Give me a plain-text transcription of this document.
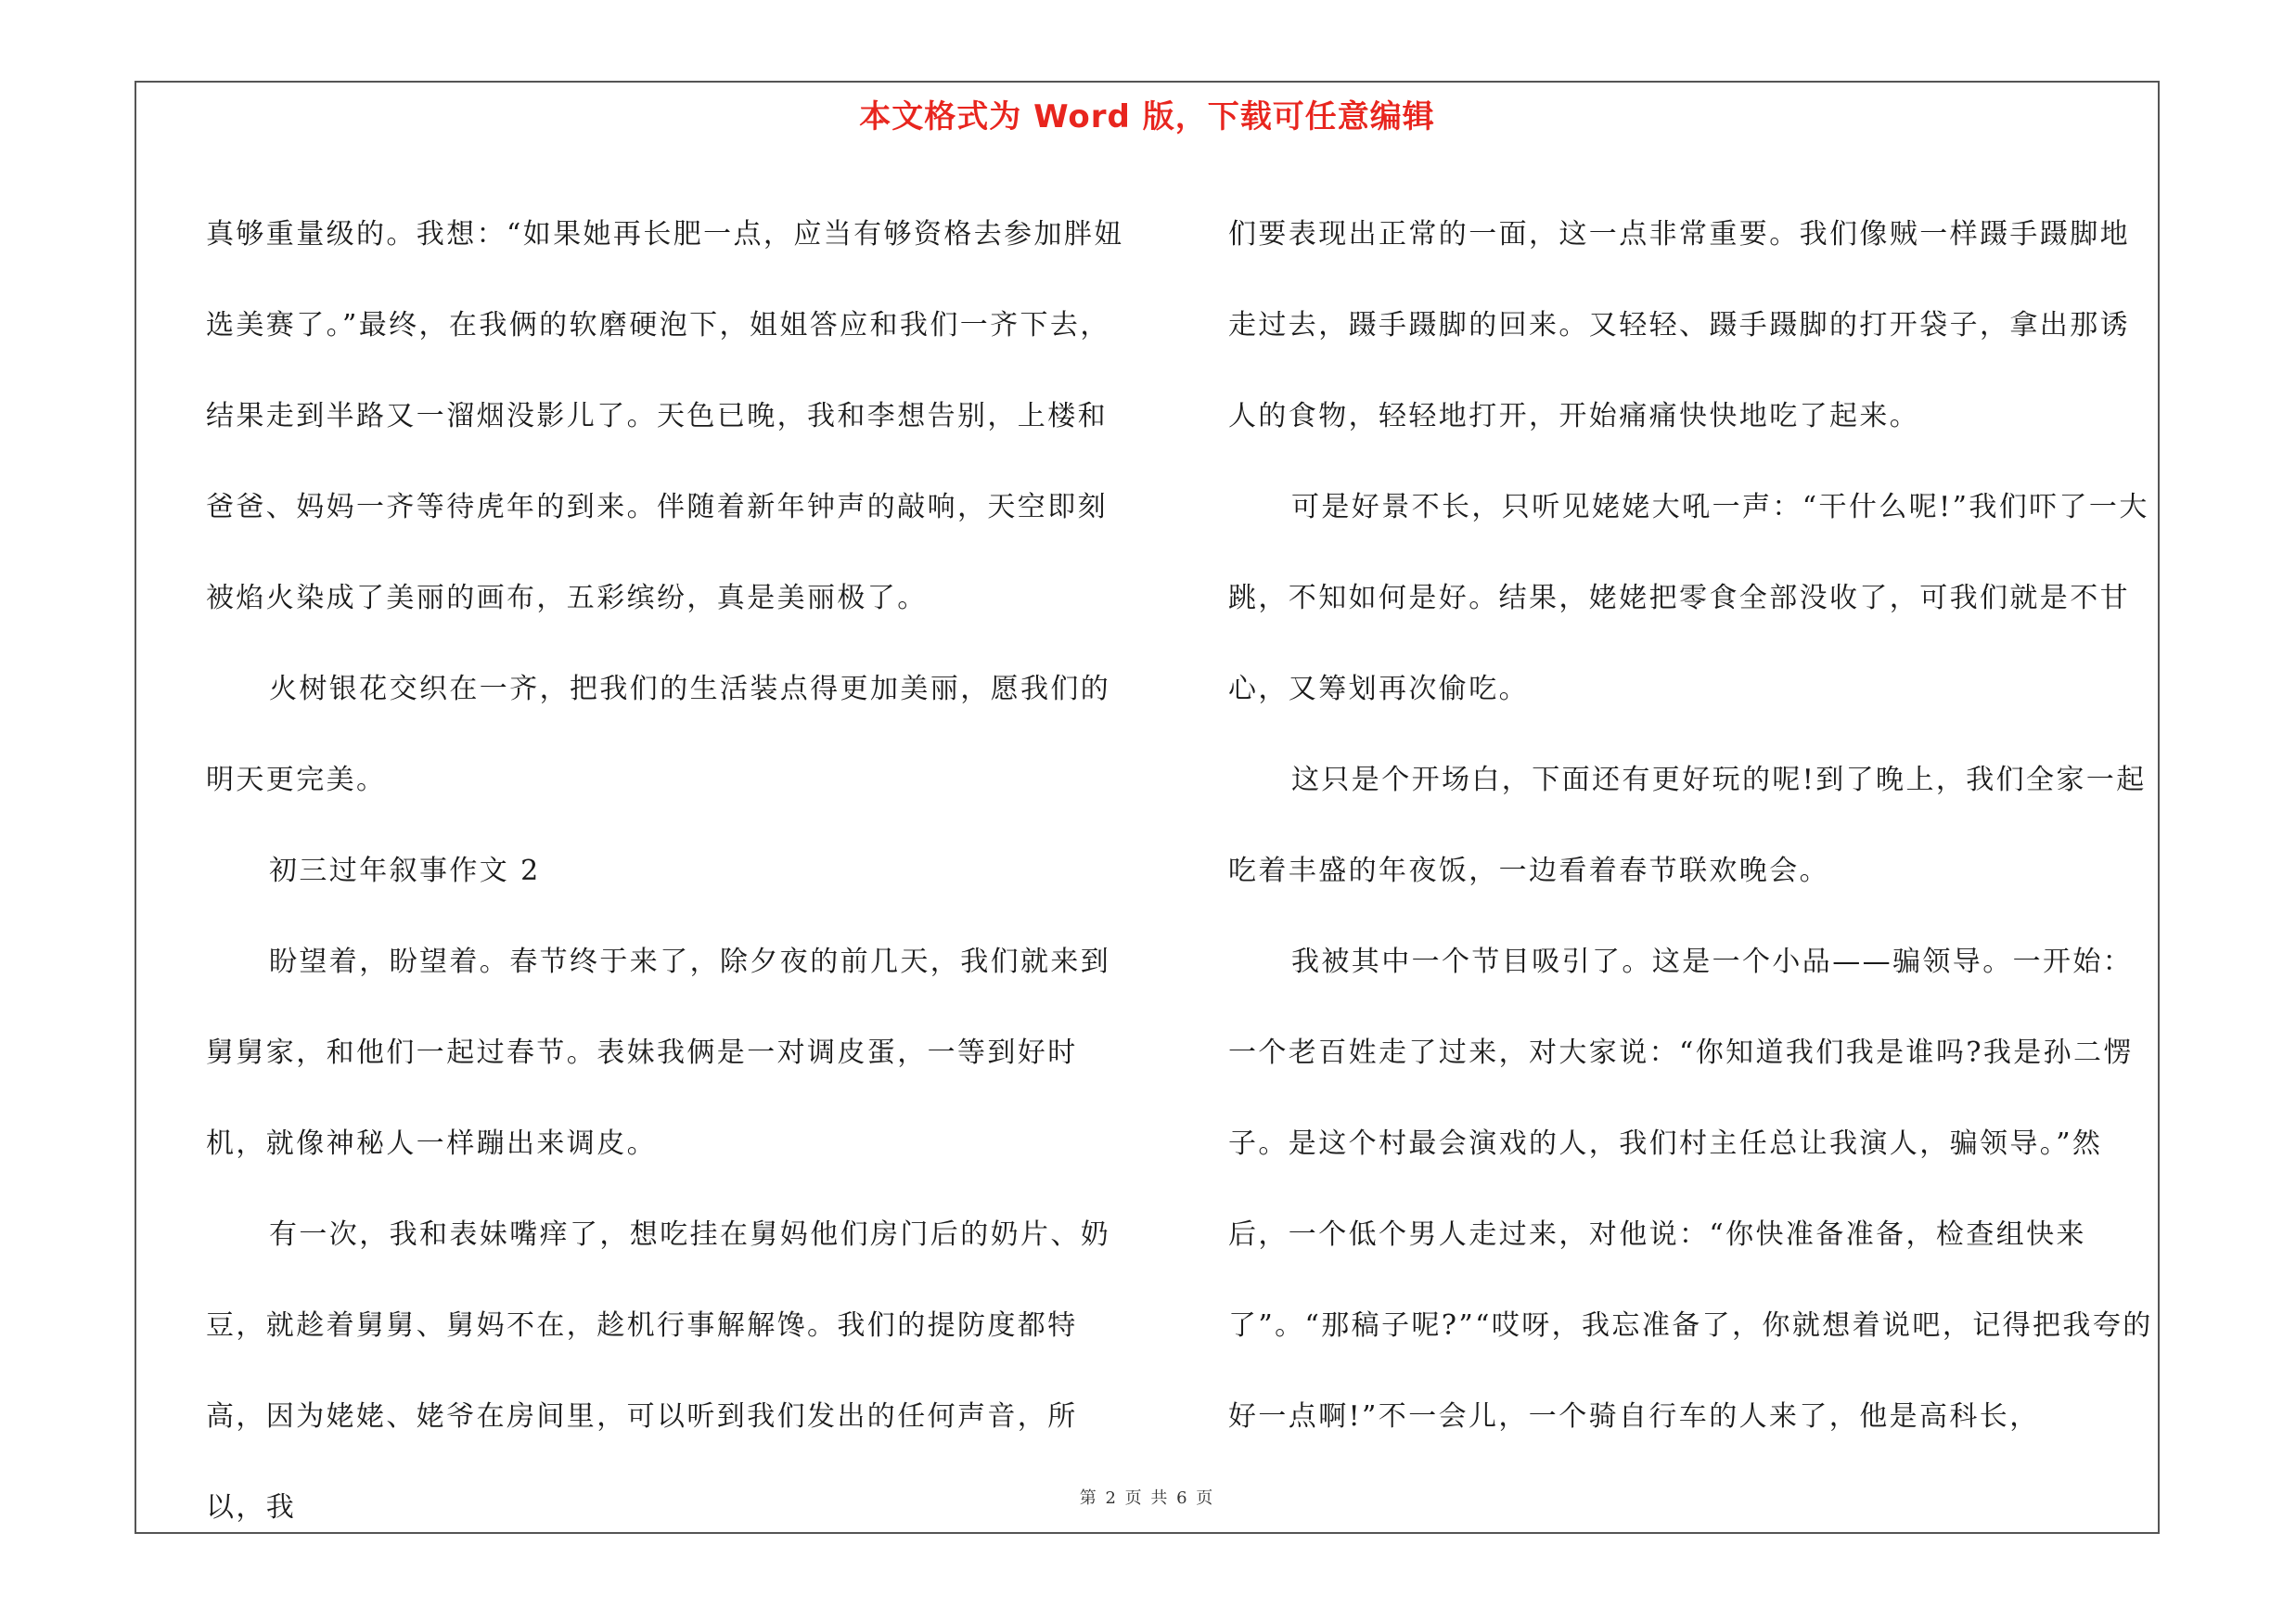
本文格式为 Word 版，下载可任意编辑

真够重量级的。我想：“如果她再长肥一点，应当有够资格去参加胖妞选美赛了。”最终，在我俩的软磨硬泡下，姐姐答应和我们一齐下去，结果走到半路又一溜烟没影儿了。天色已晚，我和李想告别，上楼和爸爸、妈妈一齐等待虎年的到来。伴随着新年钟声的敲响，天空即刻被焰火染成了美丽的画布，五彩缤纷，真是美丽极了。

火树银花交织在一齐，把我们的生活装点得更加美丽，愿我们的明天更完美。

初三过年叙事作文 2

盼望着，盼望着。春节终于来了，除夕夜的前几天，我们就来到舅舅家，和他们一起过春节。表妹我俩是一对调皮蛋，一等到好时机，就像神秘人一样蹦出来调皮。

有一次，我和表妹嘴痒了，想吃挂在舅妈他们房门后的奶片、奶豆，就趁着舅舅、舅妈不在，趁机行事解解馋。我们的提防度都特高，因为姥姥、姥爷在房间里，可以听到我们发出的任何声音，所以，我

们要表现出正常的一面，这一点非常重要。我们像贼一样蹑手蹑脚地走过去，蹑手蹑脚的回来。又轻轻、蹑手蹑脚的打开袋子，拿出那诱人的食物，轻轻地打开，开始痛痛快快地吃了起来。

可是好景不长，只听见姥姥大吼一声：“干什么呢!”我们吓了一大跳，不知如何是好。结果，姥姥把零食全部没收了，可我们就是不甘心，又筹划再次偷吃。

这只是个开场白，下面还有更好玩的呢!到了晚上，我们全家一起吃着丰盛的年夜饭，一边看着春节联欢晚会。

我被其中一个节目吸引了。这是一个小品——骗领导。一开始：一个老百姓走了过来，对大家说：“你知道我们我是谁吗?我是孙二愣子。是这个村最会演戏的人，我们村主任总让我演人，骗领导。”然后，一个低个男人走过来，对他说：“你快准备准备，检查组快来了”。“那稿子呢?”“哎呀，我忘准备了，你就想着说吧，记得把我夸的好一点啊!”不一会儿，一个骑自行车的人来了，他是高科长，

第 2 页 共 6 页
